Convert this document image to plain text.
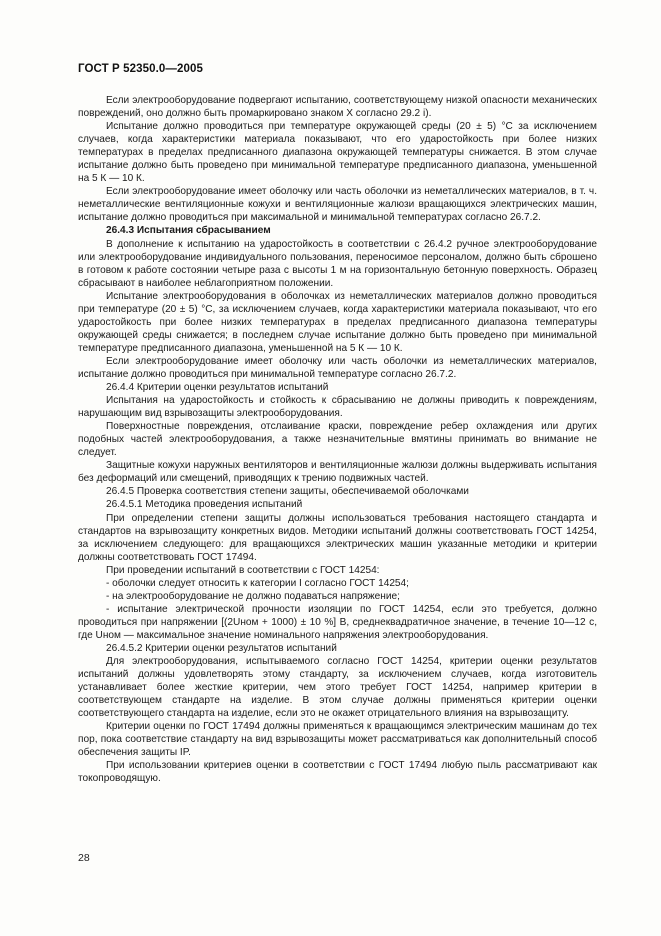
ГОСТ Р 52350.0—2005

Если электрооборудование подвергают испытанию, соответствующему низкой опасности механических повреждений, оно должно быть промаркировано знаком X согласно 29.2 i).

Испытание должно проводиться при температуре окружающей среды (20 ± 5) °С за исключением случаев, когда характеристики материала показывают, что его ударостойкость при более низких температурах в пределах предписанного диапазона окружающей температуры снижается. В этом случае испытание должно быть проведено при минимальной температуре предписанного диапазона, уменьшенной на 5 К — 10 К.

Если электрооборудование имеет оболочку или часть оболочки из неметаллических материалов, в т. ч. неметаллические вентиляционные кожухи и вентиляционные жалюзи вращающихся электрических машин, испытание должно проводиться при максимальной и минимальной температурах согласно 26.7.2.

26.4.3 Испытания сбрасыванием

В дополнение к испытанию на ударостойкость в соответствии с 26.4.2 ручное электрооборудование или электрооборудование индивидуального пользования, переносимое персоналом, должно быть сброшено в готовом к работе состоянии четыре раза с высоты 1 м на горизонтальную бетонную поверхность. Образец сбрасывают в наиболее неблагоприятном положении.

Испытание электрооборудования в оболочках из неметаллических материалов должно проводиться при температуре (20 ± 5) °С, за исключением случаев, когда характеристики материала показывают, что его ударостойкость при более низких температурах в пределах предписанного диапазона температуры окружающей среды снижается; в последнем случае испытание должно быть проведено при минимальной температуре предписанного диапазона, уменьшенной на 5 К — 10 К.

Если электрооборудование имеет оболочку или часть оболочки из неметаллических материалов, испытание должно проводиться при минимальной температуре согласно 26.7.2.

26.4.4 Критерии оценки результатов испытаний

Испытания на ударостойкость и стойкость к сбрасыванию не должны приводить к повреждениям, нарушающим вид взрывозащиты электрооборудования.

Поверхностные повреждения, отслаивание краски, повреждение ребер охлаждения или других подобных частей электрооборудования, а также незначительные вмятины принимать во внимание не следует.

Защитные кожухи наружных вентиляторов и вентиляционные жалюзи должны выдерживать испытания без деформаций или смещений, приводящих к трению подвижных частей.

26.4.5 Проверка соответствия степени защиты, обеспечиваемой оболочками

26.4.5.1 Методика проведения испытаний

При определении степени защиты должны использоваться требования настоящего стандарта и стандартов на взрывозащиту конкретных видов. Методики испытаний должны соответствовать ГОСТ 14254, за исключением следующего: для вращающихся электрических машин указанные методики и критерии должны соответствовать ГОСТ 17494.

При проведении испытаний в соответствии с ГОСТ 14254:

- оболочки следует относить к категории I согласно ГОСТ 14254;

- на электрооборудование не должно подаваться напряжение;

- испытание электрической прочности изоляции по ГОСТ 14254, если это требуется, должно проводиться при напряжении [(2Uном + 1000) ± 10 %] В, среднеквадратичное значение, в течение 10—12 с, где Uном — максимальное значение номинального напряжения электрооборудования.

26.4.5.2 Критерии оценки результатов испытаний

Для электрооборудования, испытываемого согласно ГОСТ 14254, критерии оценки результатов испытаний должны удовлетворять этому стандарту, за исключением случаев, когда изготовитель устанавливает более жесткие критерии, чем этого требует ГОСТ 14254, например критерии в соответствующем стандарте на изделие. В этом случае должны применяться критерии оценки соответствующего стандарта на изделие, если это не окажет отрицательного влияния на взрывозащиту.

Критерии оценки по ГОСТ 17494 должны применяться к вращающимся электрическим машинам до тех пор, пока соответствие стандарту на вид взрывозащиты может рассматриваться как дополнительный способ обеспечения защиты IP.

При использовании критериев оценки в соответствии с ГОСТ 17494 любую пыль рассматривают как токопроводящую.

28
